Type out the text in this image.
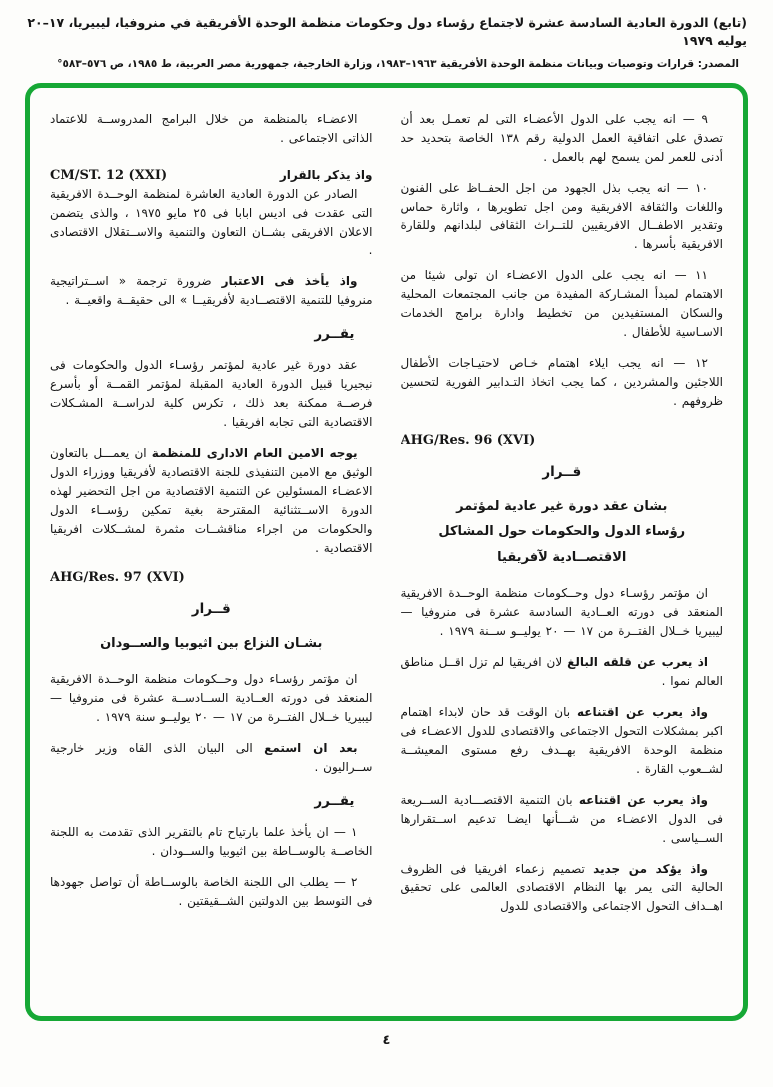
(تابع) الدورة العادية السادسة عشرة لاجتماع رؤساء دول وحكومات منظمة الوحدة الأفريقية في منروفيا، ليبيريا، ١٧–٢٠ يوليه ١٩٧٩
المصدر: قرارات وتوصيات وبيانات منظمة الوحدة الأفريقية ١٩٦٣–١٩٨٣، وزارة الخارجية، جمهورية مصر العربية، ط ١٩٨٥، ص ٥٧٦–٥٨٣°

٩ — انه يجب على الدول الأعضـاء التى لم تعمـل بعد أن تصدق على اتفاقية العمل الدولية رقم ١٣٨ الخاصة بتحديد حد أدنى للعمر لمن يسمح لهم بالعمل .

١٠ — انه يجب بذل الجهود من اجل الحفــاظ على الفنون واللغات والثقافة الافريقية ومن اجل تطويرها ، واثارة حماس وتقدير الاطفــال الافريقيين للتــراث الثقافى لبلدانهم وللقارة الافريقية بأسرها .

١١ — انه يجب على الدول الاعضـاء ان تولى شيئا من الاهتمام لمبدأ المشـاركة المفيدة من جانب المجتمعات المحلية والسكان المستفيدين من تخطيط وادارة برامج الخدمات الاسـاسية للأطفال .

١٢ — انه يجب ايلاء اهتمام خـاص لاحتيـاجات الأطفال اللاجئين والمشردين ، كما يجب اتخاذ التـدابير الفورية لتحسين ظروفهم .

AHG/Res. 96 (XVI)
قــرار
بشان عقد دورة غير عادية لمؤتمر
رؤساء الدول والحكومات حول المشاكل
الاقتصــادية لآفريقيا

ان مؤتمر رؤسـاء دول وحــكومات منظمة الوحــدة الافريقية المنعقد فى دورته العــادية السادسة عشرة فى منروفيا — ليبيريا خــلال الفتــرة من ١٧ — ٢٠ يوليــو ســنة ١٩٧٩ .

اذ يعرب عن قلقه البالغ لان افريقيا لم تزل اقــل مناطق العالم نموا .

واذ يعرب عن اقتناعه بان الوقت قد حان لابداء اهتمام اكبر بمشكلات التحول الاجتماعى والاقتصادى للدول الاعضـاء فى منظمة الوحدة الافريقية بهــدف رفع مستوى المعيشــة لشــعوب القارة .

واذ يعرب عن اقتناعه بان التنمية الاقتصـــادية الســريعة فى الدول الاعضـاء من شـــأنها ايضـا تدعيم اســتقرارها الســياسى .

واذ يؤكد من جديد تصميم زعماء افريقيا فى الظروف الحالية التى يمر بها النظام الاقتصادى العالمى على تحقيق اهــداف التحول الاجتماعى والاقتصادى للدول

الاعضـاء بالمنظمة من خلال البرامج المدروســة للاعتماد الذاتى الاجتماعى .

واذ يذكر بالقرار
CM/ST. 12 (XXI)

الصادر عن الدورة العادية العاشرة لمنظمة الوحــدة الافريقية التى عقدت فى اديس ابابا فى ٢٥ مايو ١٩٧٥ ، والذى يتضمن الاعلان الافريقى بشــان التعاون والتنمية والاســتقلال الاقتصادى .

واذ يأخذ فى الاعتبار ضرورة ترجمة « اســتراتيجية منروفيا للتنمية الاقتصــادية لأفريقيــا » الى حقيقــة واقعيــة .

يقــرر

عقد دورة غير عادية لمؤتمر رؤسـاء الدول والحكومات فى نيجيريا قبيل الدورة العادية المقبلة لمؤتمر القمــة أو بأسرع فرصــة ممكنة بعد ذلك ، تكرس كلية لدراســة المشـكلات الاقتصادية التى تجابه افريقيا .

يوجه الامين العام الادارى للمنظمة ان يعمـــل بالتعاون الوثيق مع الامين التنفيذى للجنة الاقتصادية لأفريقيا ووزراء الدول الاعضـاء المسئولين عن التنمية الاقتصادية من اجل التحضير لهذه الدورة الاســتثنائية المقترحة بغية تمكين رؤســاء الدول والحكومات من اجراء مناقشــات مثمرة لمشــكلات افريقيا الاقتصادية .

AHG/Res. 97 (XVI)
قــرار
بشـان النزاع بين اثيوبيا والســودان

ان مؤتمر رؤسـاء دول وحــكومات منظمة الوحــدة الافريقية المنعقد فى دورته العــادية الســادســة عشرة فى منروفيا — ليبيريا خــلال الفتــرة من ١٧ — ٢٠ يوليــو سنة ١٩٧٩ .

بعد ان استمع الى البيان الذى القاه وزير خارجية ســراليون .

يقــرر

١ — ان يأخذ علما بارتياح تام بالتقرير الذى تقدمت به اللجنة الخاصــة بالوســاطة بين اثيوبيا والســودان .

٢ — يطلب الى اللجنة الخاصة بالوســاطة أن تواصل جهودها فى التوسط بين الدولتين الشــقيقتين .

٤
